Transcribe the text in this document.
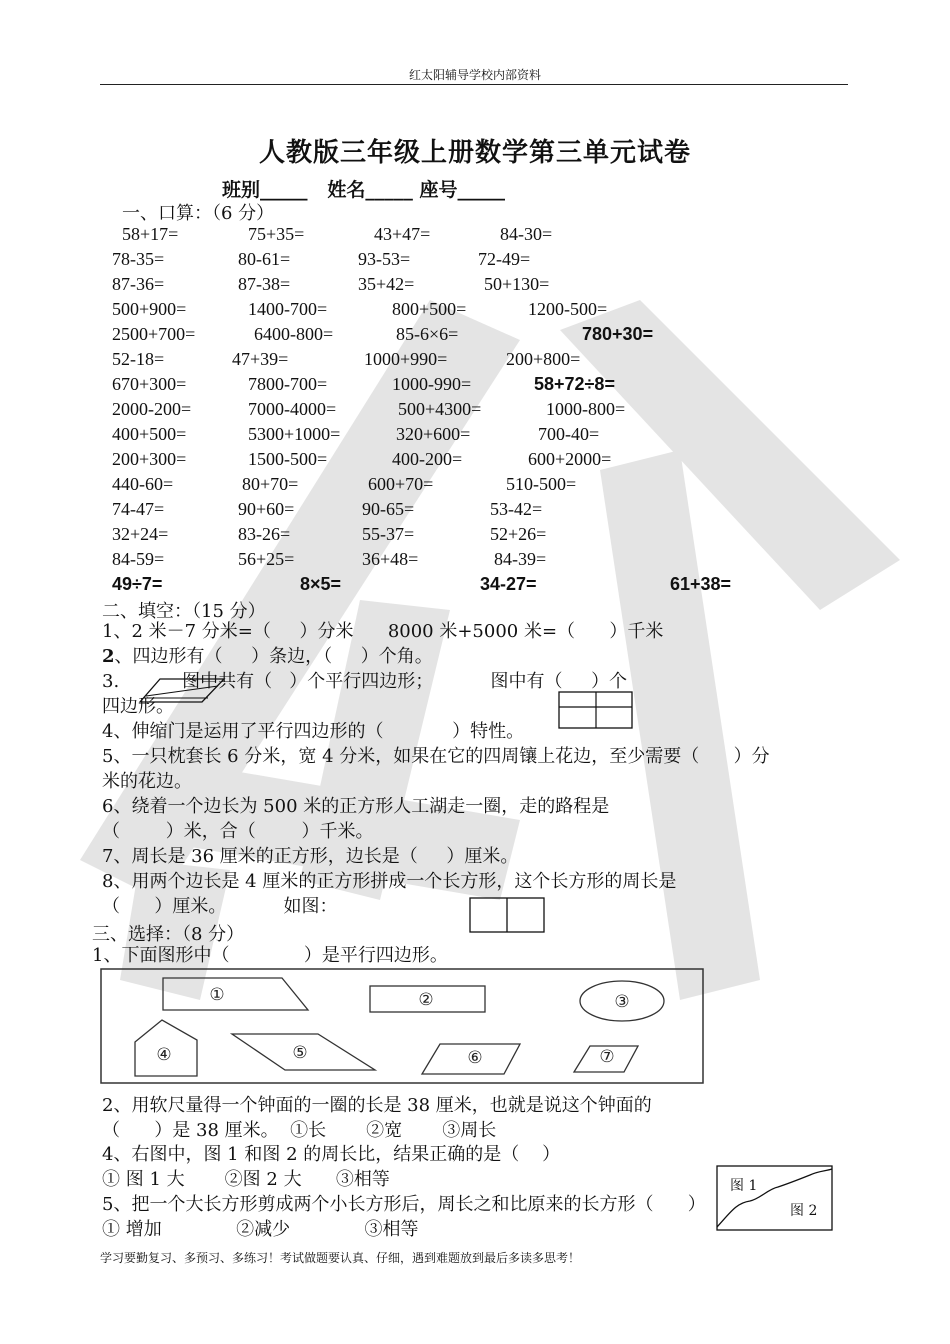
红太阳辅导学校内部资料
人教版三年级上册数学第三单元试卷
班别_____   姓名_____ 座号_____
一、口算：（6 分）
58+17=	75+35=	43+47=	84-30=
78-35=	80-61=	93-53=	72-49=
87-36=	87-38=	35+42=	50+130=
500+900=	1400-700=	800+500=	1200-500=
2500+700=	6400-800=	85-6×6=	780+30=
52-18=	47+39=	1000+990=	200+800=
670+300=	7800-700=	1000-990=	58+72÷8=
2000-200=	7000-4000=	500+4300=	1000-800=
400+500=	5300+1000=	320+600=	700-40=
200+300=	1500-500=	400-200=	600+2000=
440-60=	80+70=	600+70=	510-500=
74-47=	90+60=	90-65=	53-42=
32+24=	83-26=	55-37=	52+26=
84-59=	56+25=	36+48=	84-39=
49÷7=	8×5=	34-27=	61+38=
二、填空：（15 分）
1、2 米－7 分米=（     ）分米      8000 米+5000 米=（      ）千米
2、四边形有（     ）条边，（     ）个角。
3.           图中共有（   ）个平行四边形；          图中有（     ）个
四边形。
4、伸缩门是运用了平行四边形的（            ）特性。
5、一只枕套长 6 分米，宽 4 分米，如果在它的四周镶上花边，至少需要（      ）分
米的花边。
6、绕着一个边长为 500 米的正方形人工湖走一圈，走的路程是
（        ）米，合（        ）千米。
7、周长是 36 厘米的正方形，边长是（     ）厘米。
8、用两个边长是 4 厘米的正方形拼成一个长方形，这个长方形的周长是
（      ）厘米。          如图：
三、选择：（8 分）
1、下面图形中（             ）是平行四边形。
①	②	③
④	⑤	⑥	⑦
2、用软尺量得一个钟面的一圈的长是 38 厘米，也就是说这个钟面的
（      ）是 38 厘米。  ①长       ②宽       ③周长
4、右图中，图 1 和图 2 的周长比，结果正确的是（    ）
① 图 1 大       ②图 2 大      ③相等
5、把一个大长方形剪成两个小长方形后，周长之和比原来的长方形（      ）
① 增加             ②减少             ③相等
图 1
图 2
学习要勤复习、多预习、多练习！考试做题要认真、仔细，遇到难题放到最后多读多思考！
